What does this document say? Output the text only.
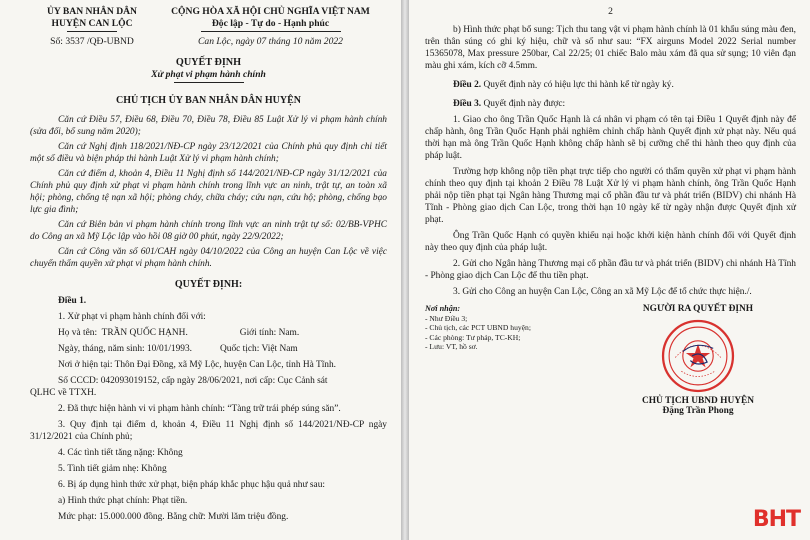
ỦY BAN NHÂN DÂN
HUYỆN CAN LỘC
CỘNG HÒA XÃ HỘI CHỦ NGHĨA VIỆT NAM
Độc lập - Tự do - Hạnh phúc
Số: 3537 /QĐ-UBND	Can Lộc, ngày 07 tháng 10 năm 2022
QUYẾT ĐỊNH
Xử phạt vi phạm hành chính
CHỦ TỊCH ỦY BAN NHÂN DÂN HUYỆN

Căn cứ Điều 57, Điều 68, Điều 70, Điều 78, Điều 85 Luật Xử lý vi phạm hành chính (sửa đổi, bổ sung năm 2020);

Căn cứ Nghị định 118/2021/NĐ-CP ngày 23/12/2021 của Chính phủ quy định chi tiết một số điều và biện pháp thi hành Luật Xử lý vi phạm hành chính;

Căn cứ điểm d, khoản 4, Điều 11 Nghị định số 144/2021/NĐ-CP ngày 31/12/2021 của Chính phủ quy định xử phạt vi phạm hành chính trong lĩnh vực an ninh, trật tự, an toàn xã hội; phòng, chống tệ nạn xã hội; phòng cháy, chữa cháy; cứu nạn, cứu hộ; phòng, chống bạo lực gia đình;

Căn cứ Biên bản vi phạm hành chính trong lĩnh vực an ninh trật tự số: 02/BB-VPHC do Công an xã Mỹ Lộc lập vào hồi 08 giờ 00 phút, ngày 22/9/2022;

Căn cứ Công văn số 601/CAH ngày 04/10/2022 của Công an huyện Can Lộc về việc chuyển thẩm quyền xử phạt vi phạm hành chính.

QUYẾT ĐỊNH:

Điều 1.

1. Xử phạt vi phạm hành chính đối với:

Họ và tên: TRẦN QUỐC HẠNH.	Giới tính: Nam.

Ngày, tháng, năm sinh: 10/01/1993.	Quốc tịch: Việt Nam

Nơi ở hiện tại: Thôn Đại Đồng, xã Mỹ Lộc, huyện Can Lộc, tỉnh Hà Tĩnh.

Số CCCD: 042093019152, cấp ngày 28/06/2021, nơi cấp: Cục Cảnh sát

QLHC về TTXH.

2. Đã thực hiện hành vi vi phạm hành chính: “Tàng trữ trái phép súng săn”.

3. Quy định tại điểm d, khoản 4, Điều 11 Nghị định số 144/2021/NĐ-CP ngày 31/12/2021 của Chính phủ;

4. Các tình tiết tăng nặng: Không

5. Tình tiết giảm nhẹ: Không

6. Bị áp dụng hình thức xử phạt, biện pháp khắc phục hậu quả như sau:

a) Hình thức phạt chính: Phạt tiền.

Mức phạt: 15.000.000 đồng. Bằng chữ: Mười lăm triệu đồng.

2

b) Hình thức phạt bổ sung: Tịch thu tang vật vi phạm hành chính là 01 khẩu súng màu đen, trên thân súng có ghi ký hiệu, chữ và số như sau: “FX airguns Model 2022 Serial number 15365078, Max pressure 250bar, Cal 22/25; 01 chiếc Balo màu xám đã qua sử sụng; 10 viên đạn màu ghi xám, kích cỡ 4.5mm.

Điều 2. Quyết định này có hiệu lực thi hành kể từ ngày ký.

Điều 3. Quyết định này được:

1. Giao cho ông Trần Quốc Hạnh là cá nhân vi phạm có tên tại Điều 1 Quyết định này để chấp hành, ông Trần Quốc Hạnh phải nghiêm chỉnh chấp hành Quyết định xử phạt này. Nếu quá thời hạn mà ông Trần Quốc Hạnh không chấp hành sẽ bị cưỡng chế thi hành theo quy định của pháp luật.

Trường hợp không nộp tiền phạt trực tiếp cho người có thẩm quyền xử phạt vi phạm hành chính theo quy định tại khoản 2 Điều 78 Luật Xử lý vi phạm hành chính, ông Trần Quốc Hạnh phải nộp tiền phạt tại Ngân hàng Thương mại cổ phần đầu tư và phát triển (BIDV) chi nhánh Hà Tĩnh - Phòng giao dịch Can Lộc, trong thời hạn 10 ngày kể từ ngày nhận được Quyết định xử phạt.

Ông Trần Quốc Hạnh có quyền khiếu nại hoặc khởi kiện hành chính đối với Quyết định này theo quy định của pháp luật.

2. Gửi cho Ngân hàng Thương mại cổ phần đầu tư và phát triển (BIDV) chi nhánh Hà Tĩnh - Phòng giao dịch Can Lộc để thu tiền phạt.

3. Gửi cho Công an huyện Can Lộc, Công an xã Mỹ Lộc để tổ chức thực hiện./.

Nơi nhận:
- Như Điều 3;
- Chủ tịch, các PCT UBND huyện;
- Các phòng: Tư pháp, TC-KH;
- Lưu: VT, hồ sơ.
NGƯỜI RA QUYẾT ĐỊNH
CHỦ TỊCH UBND HUYỆN
Đặng Trần Phong
BHT
